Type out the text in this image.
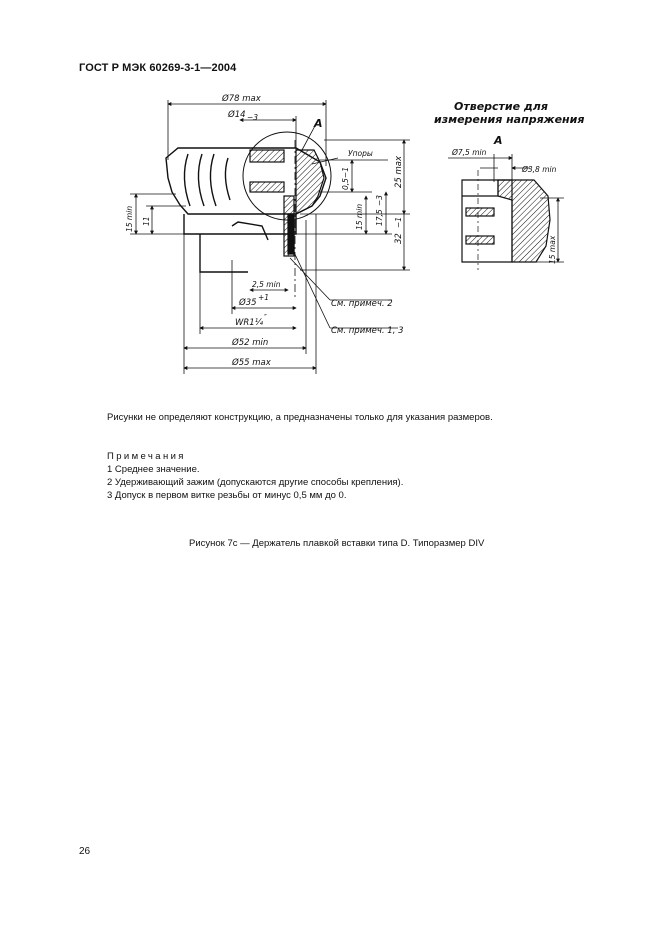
ГОСТ Р МЭК 60269-3-1—2004
Ø78 max
Ø14 −3	A
Упоры
0,5−1	25 max
15 min 11	15 min 17,5
−3
32
−1
2,5 min
Ø35
+1
WR1¼
″
Ø52 min
Ø55 max
См. примеч. 2
См. примеч. 1, 3
Отверстие для
измерения напряжения
A
Ø7,5 min
Ø3,8 min
15 max
Рисунки не определяют конструкцию, а предназначены только для указания размеров.
Примечания
1 Среднее значение.
2 Удерживающий зажим (допускаются другие способы крепления).
3 Допуск в первом витке резьбы от минус 0,5 мм до 0.
Рисунок 7с — Держатель плавкой вставки типа D. Типоразмер DIV
26
